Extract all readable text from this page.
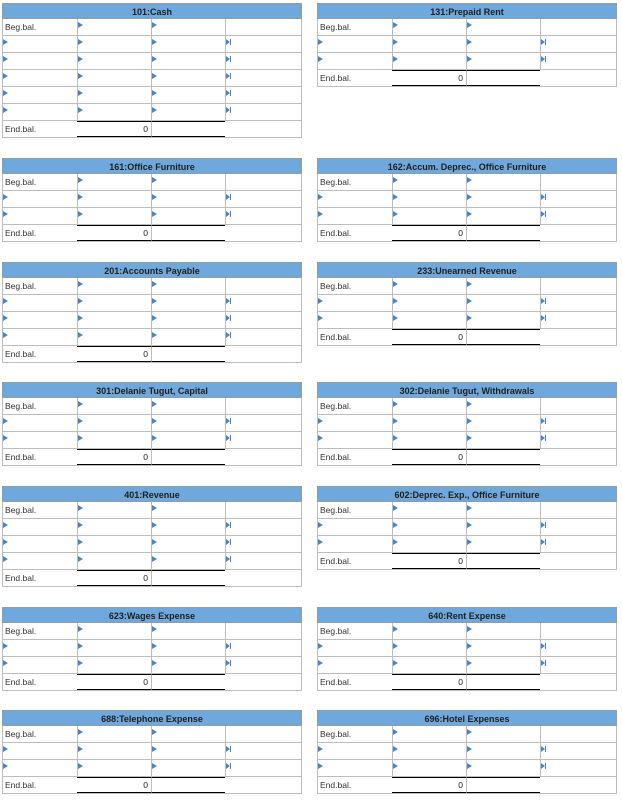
101:Cash
Beg.bal.
End.bal.	0
131:Prepaid Rent
Beg.bal.
End.bal.	0
161:Office Furniture
Beg.bal.
End.bal.	0
162:Accum. Deprec., Office Furniture
Beg.bal.
End.bal.	0
201:Accounts Payable
Beg.bal.
End.bal.	0
233:Unearned Revenue
Beg.bal.
End.bal.	0
301:Delanie Tugut, Capital
Beg.bal.
End.bal.	0
302:Delanie Tugut, Withdrawals
Beg.bal.
End.bal.	0
401:Revenue
Beg.bal.
End.bal.	0
602:Deprec. Exp., Office Furniture
Beg.bal.
End.bal.	0
623:Wages Expense
Beg.bal.
End.bal.	0
640:Rent Expense
Beg.bal.
End.bal.	0
688:Telephone Expense
Beg.bal.
End.bal.	0
696:Hotel Expenses
Beg.bal.
End.bal.	0
